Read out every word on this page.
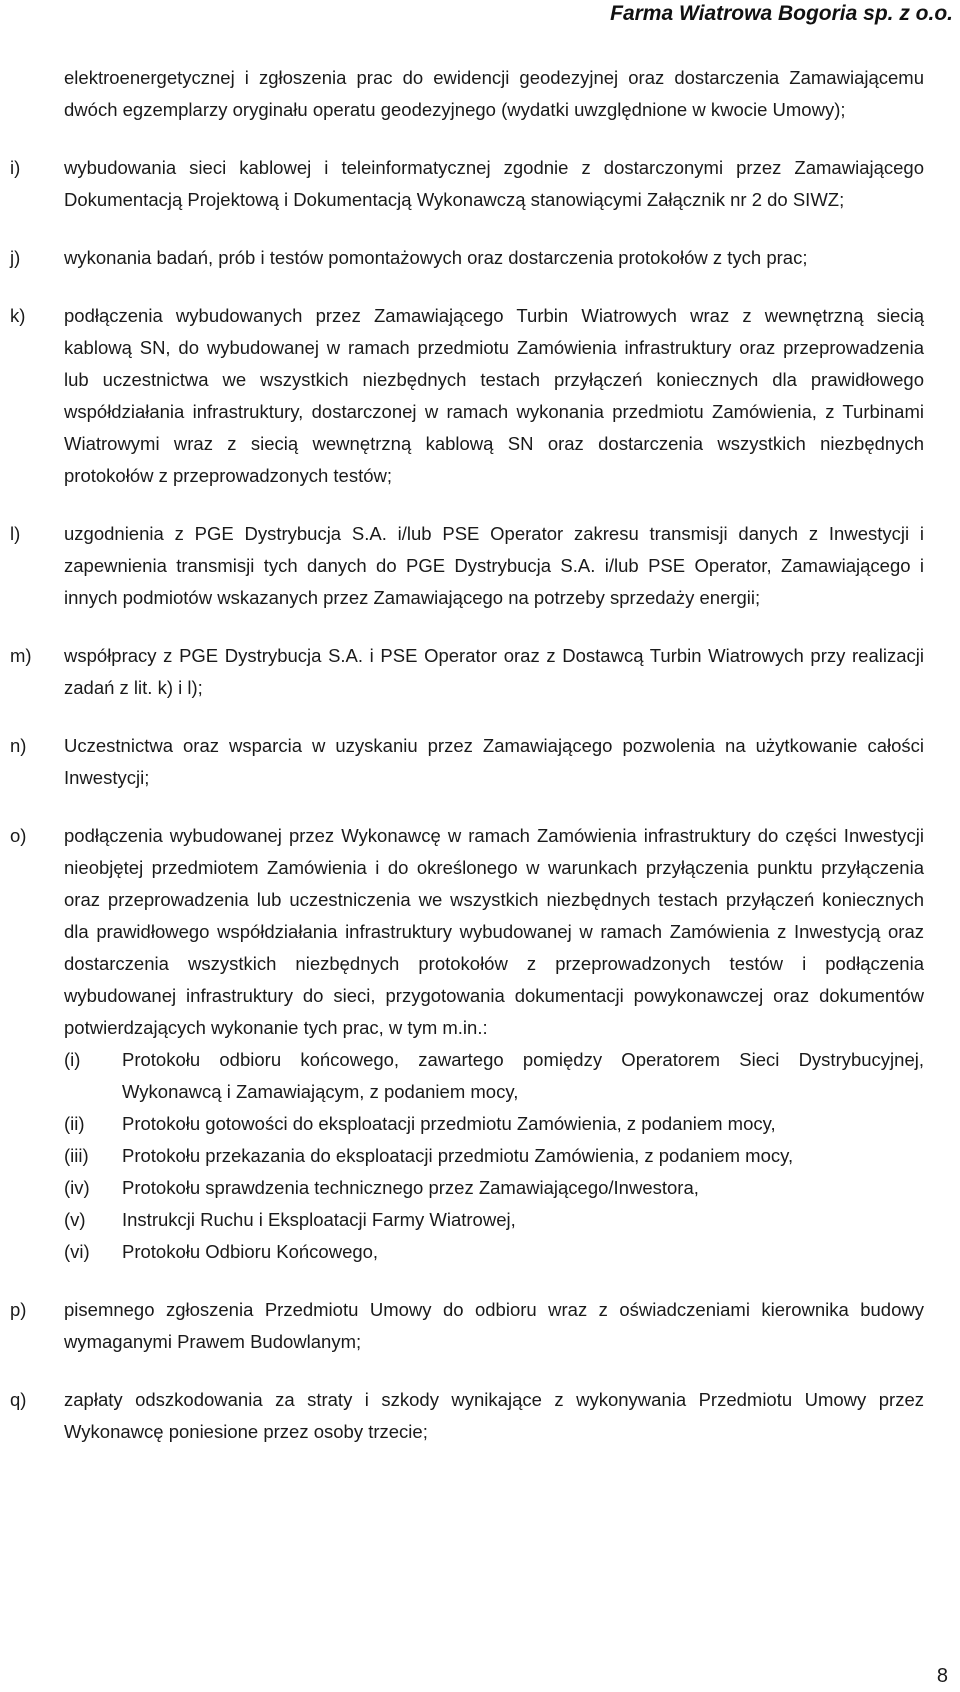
Farma Wiatrowa Bogoria sp. z o.o.
elektroenergetycznej i zgłoszenia prac do ewidencji geodezyjnej oraz dostarczenia Zamawiającemu dwóch egzemplarzy oryginału operatu geodezyjnego (wydatki uwzględnione w kwocie Umowy);
i)	wybudowania sieci kablowej i teleinformatycznej zgodnie z dostarczonymi przez Zamawiającego Dokumentacją Projektową i Dokumentacją Wykonawczą stanowiącymi Załącznik nr 2 do SIWZ;
j)	wykonania badań, prób i testów pomontażowych oraz dostarczenia protokołów z tych prac;
k)	podłączenia wybudowanych przez Zamawiającego Turbin Wiatrowych wraz z wewnętrzną siecią kablową SN, do wybudowanej w ramach przedmiotu Zamówienia infrastruktury oraz przeprowadzenia lub uczestnictwa we wszystkich niezbędnych testach przyłączeń koniecznych dla prawidłowego współdziałania infrastruktury, dostarczonej w ramach wykonania przedmiotu Zamówienia, z Turbinami Wiatrowymi wraz z siecią wewnętrzną kablową SN oraz dostarczenia wszystkich niezbędnych protokołów z przeprowadzonych testów;
l)	uzgodnienia z PGE Dystrybucja S.A. i/lub PSE Operator zakresu transmisji danych z Inwestycji i zapewnienia transmisji tych danych do PGE Dystrybucja S.A. i/lub PSE Operator, Zamawiającego i innych podmiotów wskazanych przez Zamawiającego na potrzeby sprzedaży energii;
m)	współpracy z PGE Dystrybucja S.A. i PSE Operator oraz z Dostawcą Turbin Wiatrowych przy realizacji zadań z lit. k) i l);
n)	Uczestnictwa oraz wsparcia w uzyskaniu przez Zamawiającego pozwolenia na użytkowanie całości Inwestycji;
o)	podłączenia wybudowanej przez Wykonawcę w ramach Zamówienia infrastruktury do części Inwestycji nieobjętej przedmiotem Zamówienia i do określonego w warunkach przyłączenia punktu przyłączenia oraz przeprowadzenia lub uczestniczenia we wszystkich niezbędnych testach przyłączeń koniecznych dla prawidłowego współdziałania infrastruktury wybudowanej w ramach Zamówienia z Inwestycją oraz dostarczenia wszystkich niezbędnych protokołów z przeprowadzonych testów i podłączenia wybudowanej infrastruktury do sieci, przygotowania dokumentacji powykonawczej oraz dokumentów potwierdzających wykonanie tych prac, w tym m.in.:
(i)	Protokołu odbioru końcowego, zawartego pomiędzy Operatorem Sieci Dystrybucyjnej, Wykonawcą i Zamawiającym, z podaniem mocy,
(ii)	Protokołu gotowości do eksploatacji przedmiotu Zamówienia, z podaniem mocy,
(iii)	Protokołu przekazania do eksploatacji przedmiotu Zamówienia, z podaniem mocy,
(iv)	Protokołu sprawdzenia technicznego przez Zamawiającego/Inwestora,
(v)	Instrukcji Ruchu i Eksploatacji Farmy Wiatrowej,
(vi)	Protokołu Odbioru Końcowego,
p)	pisemnego zgłoszenia Przedmiotu Umowy do odbioru wraz z oświadczeniami kierownika budowy wymaganymi Prawem Budowlanym;
q)	zapłaty odszkodowania za straty i szkody wynikające z wykonywania Przedmiotu Umowy przez Wykonawcę poniesione przez osoby trzecie;
8
